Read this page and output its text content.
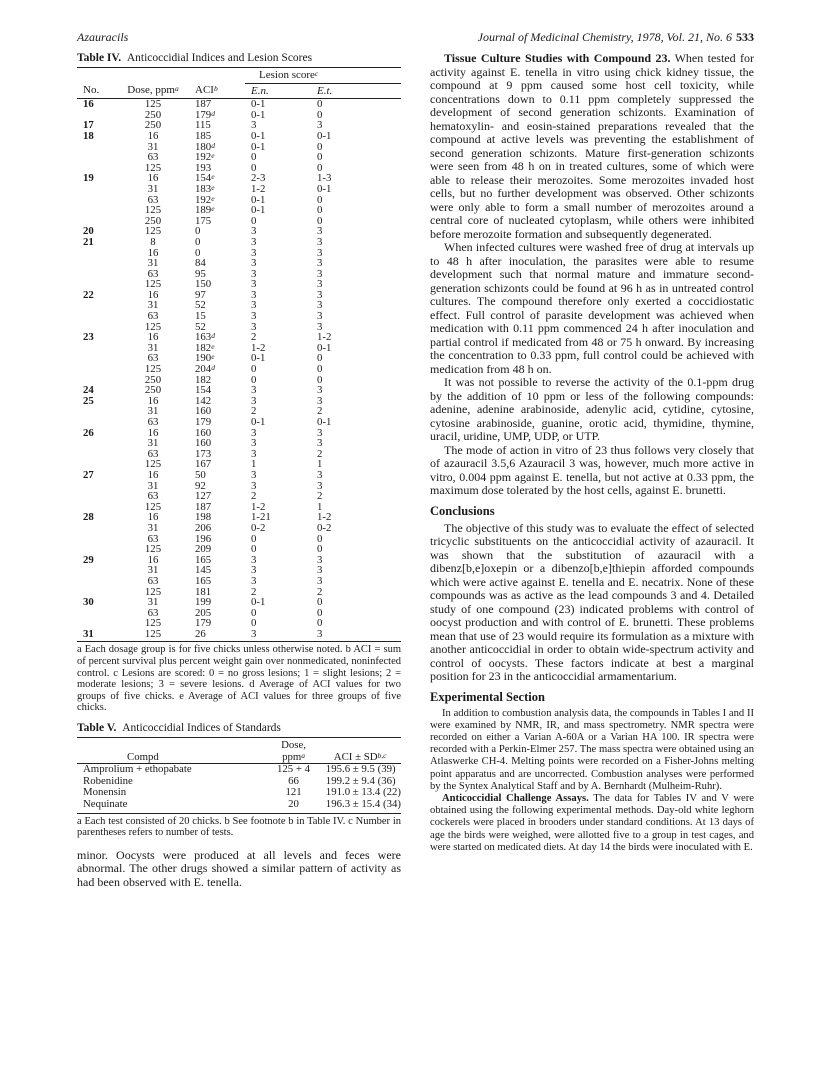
Azauracils	Journal of Medicinal Chemistry, 1978, Vol. 21, No. 6 533
Table IV. Anticoccidial Indices and Lesion Scores
			Lesion score$^c$
No.	Dose, ppm$^a$	ACI$^b$	E.n.	E.t.
16	125	187	0-1	0
	250	179$^d$	0-1	0
17	250	115	3	3
18	16	185	0-1	0-1
	31	180$^d$	0-1	0
	63	192e	0	0
	125	193	0	0
19	16	154e	2-3	1-3
	31	183e	1-2	0-1
	63	192e	0-1	0
	125	189e	0-1	0
	250	175	0	0
20	125	0	3	3
21	8	0	3	3
	16	0	3	3
	31	84	3	3
	63	95	3	3
	125	150	3	3
22	16	97	3	3
	31	52	3	3
	63	15	3	3
	125	52	3	3
23	16	163$^d$	2	1-2
	31	182e	1-2	0-1
	63	190e	0-1	0
	125	204$^d$	0	0
	250	182	0	0
24	250	154	3	3
25	16	142	3	3
	31	160	2	2
	63	179	0-1	0-1
26	16	160	3	3
	31	160	3	3
	63	173	3	2
	125	167	1	1
27	16	50	3	3
	31	92	3	3
	63	127	2	2
	125	187	1-2	1
28	16	198	1-21	1-2
	31	206	0-2	0-2
	63	196	0	0
	125	209	0	0
29	16	165	3	3
	31	145	3	3
	63	165	3	3
	125	181	2	2
30	31	199	0-1	0
	63	205	0	0
	125	179	0	0
31	125	26	3	3
a Each dosage group is for five chicks unless otherwise noted. b ACI = sum of percent survival plus percent weight gain over nonmedicated, noninfected control. c Lesions are scored: 0 = no gross lesions; 1 = slight lesions; 2 = moderate lesions; 3 = severe lesions. d Average of ACI values for two groups of five chicks. e Average of ACI values for three groups of five chicks.
Table V. Anticoccidial Indices of Standards
	Dose,	
Compd	ppm$^a$	ACI ± SD$^{b,c}$
Amprolium + ethopabate	125 + 4	195.6 ± 9.5 (39)
Robenidine	66	199.2 ± 9.4 (36)
Monensin	121	191.0 ± 13.4 (22)
Nequinate	20	196.3 ± 15.4 (34)
a Each test consisted of 20 chicks. b See footnote b in Table IV. c Number in parentheses refers to number of tests.

minor. Oocysts were produced at all levels and feces were abnormal. The other drugs showed a similar pattern of activity as had been observed with E. tenella.

Tissue Culture Studies with Compound 23. When tested for activity against E. tenella in vitro using chick kidney tissue, the compound at 9 ppm caused some host cell toxicity, while concentrations down to 0.11 ppm completely suppressed the development of second generation schizonts. Examination of hematoxylin- and eosin-stained preparations revealed that the compound at active levels was preventing the establishment of second generation schizonts. Mature first-generation schizonts were seen from 48 h on in treated cultures, some of which were able to release their merozoites. Some merozoites invaded host cells, but no further development was observed. Other schizonts were only able to form a small number of merozoites around a central core of nucleated cytoplasm, while others were inhibited before merozoite formation and subsequently degenerated.

When infected cultures were washed free of drug at intervals up to 48 h after inoculation, the parasites were able to resume development such that normal mature and immature second-generation schizonts could be found at 96 h as in untreated control cultures. The compound therefore only exerted a coccidiostatic effect. Full control of parasite development was achieved when medication with 0.11 ppm commenced 24 h after inoculation and partial control if medicated from 48 or 75 h onward. By increasing the concentration to 0.33 ppm, full control could be achieved with medication from 48 h on.

It was not possible to reverse the activity of the 0.1-ppm drug by the addition of 10 ppm or less of the following compounds: adenine, adenine arabinoside, adenylic acid, cytidine, cytosine, cytosine arabinoside, guanine, orotic acid, thymidine, thymine, uracil, uridine, UMP, UDP, or UTP.

The mode of action in vitro of 23 thus follows very closely that of azauracil 3.5,6 Azauracil 3 was, however, much more active in vitro, 0.004 ppm against E. tenella, but not active at 0.33 ppm, the maximum dose tolerated by the host cells, against E. brunetti.

Conclusions

The objective of this study was to evaluate the effect of selected tricyclic substituents on the anticoccidial activity of azauracil. It was shown that the substitution of azauracil with a dibenz[b,e]oxepin or a dibenzo[b,e]thiepin afforded compounds which were active against E. tenella and E. necatrix. None of these compounds was as active as the lead compounds 3 and 4. Detailed study of one compound (23) indicated problems with control of oocyst production and with control of E. brunetti. These problems mean that use of 23 would require its formulation as a mixture with another anticoccidial in order to obtain wide-spectrum activity and control of oocysts. These factors indicate at best a marginal position for 23 in the anticoccidial armamentarium.

Experimental Section

In addition to combustion analysis data, the compounds in Tables I and II were examined by NMR, IR, and mass spectrometry. NMR spectra were recorded on either a Varian A-60A or a Varian HA 100. IR spectra were recorded with a Perkin-Elmer 257. The mass spectra were obtained using an Atlaswerke CH-4. Melting points were recorded on a Fisher-Johns melting point apparatus and are uncorrected. Combustion analyses were performed by the Syntex Analytical Staff and by A. Bernhardt (Mulheim-Ruhr).

Anticoccidial Challenge Assays. The data for Tables IV and V were obtained using the following experimental methods. Day-old white leghorn cockerels were placed in brooders under standard conditions. At 13 days of age the birds were weighed, were allotted five to a group in test cages, and were started on medicated diets. At day 14 the birds were inoculated with E.
